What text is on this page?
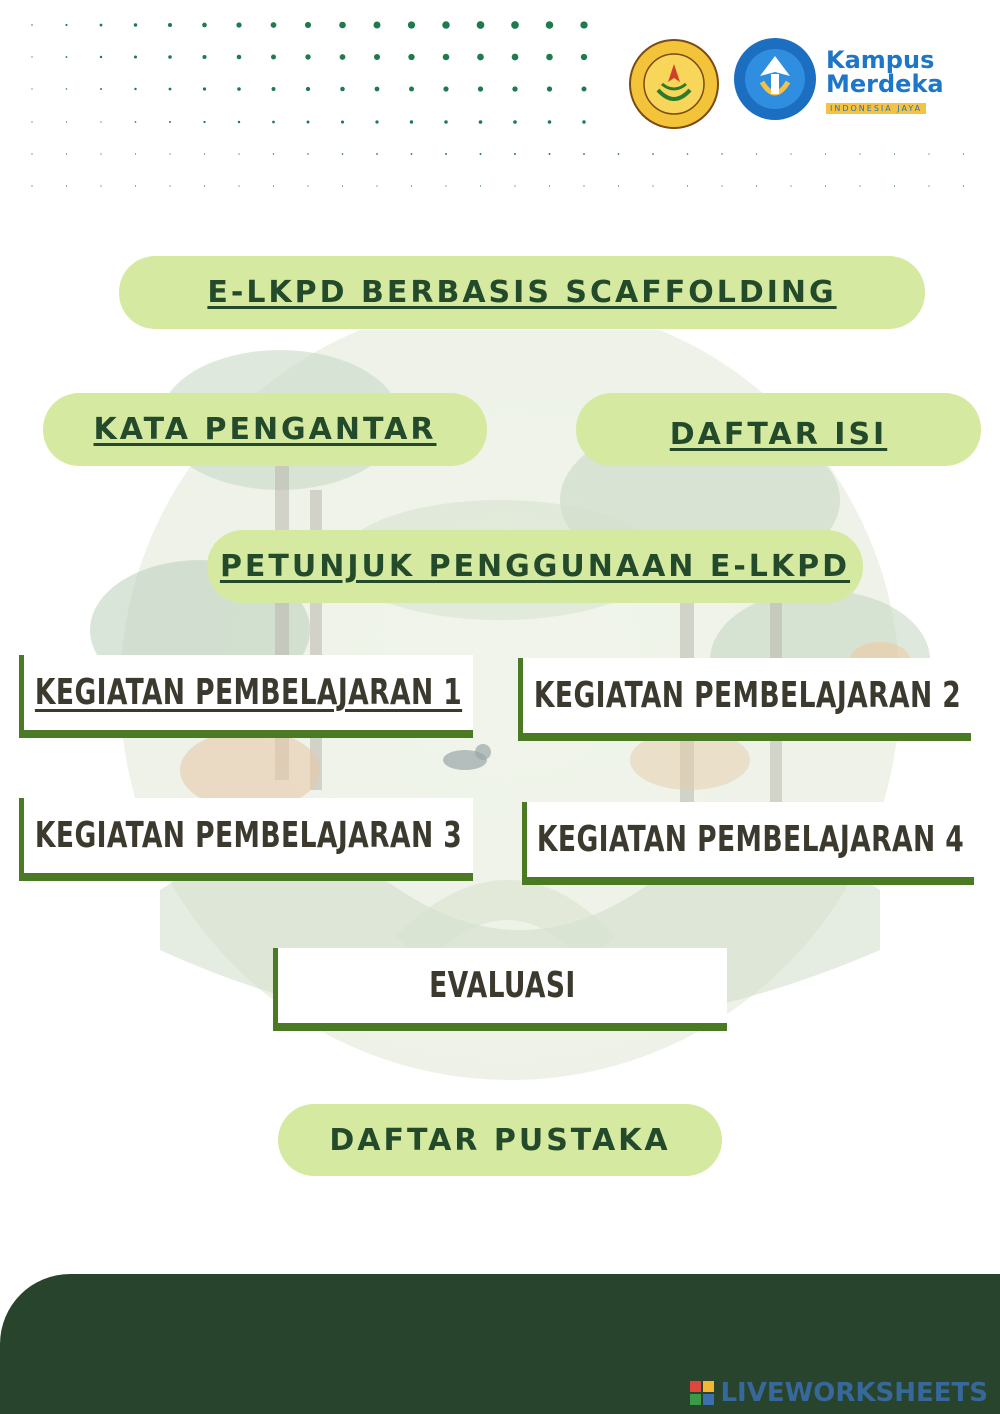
Kampus
Merdeka
INDONESIA JAYA
E-LKPD BERBASIS SCAFFOLDING
KATA PENGANTAR	DAFTAR ISI
PETUNJUK PENGGUNAAN E-LKPD
KEGIATAN PEMBELAJARAN 1 KEGIATAN PEMBELAJARAN 2
KEGIATAN PEMBELAJARAN 3 KEGIATAN PEMBELAJARAN 4
EVALUASI
DAFTAR PUSTAKA
LIVEWORKSHEETS
